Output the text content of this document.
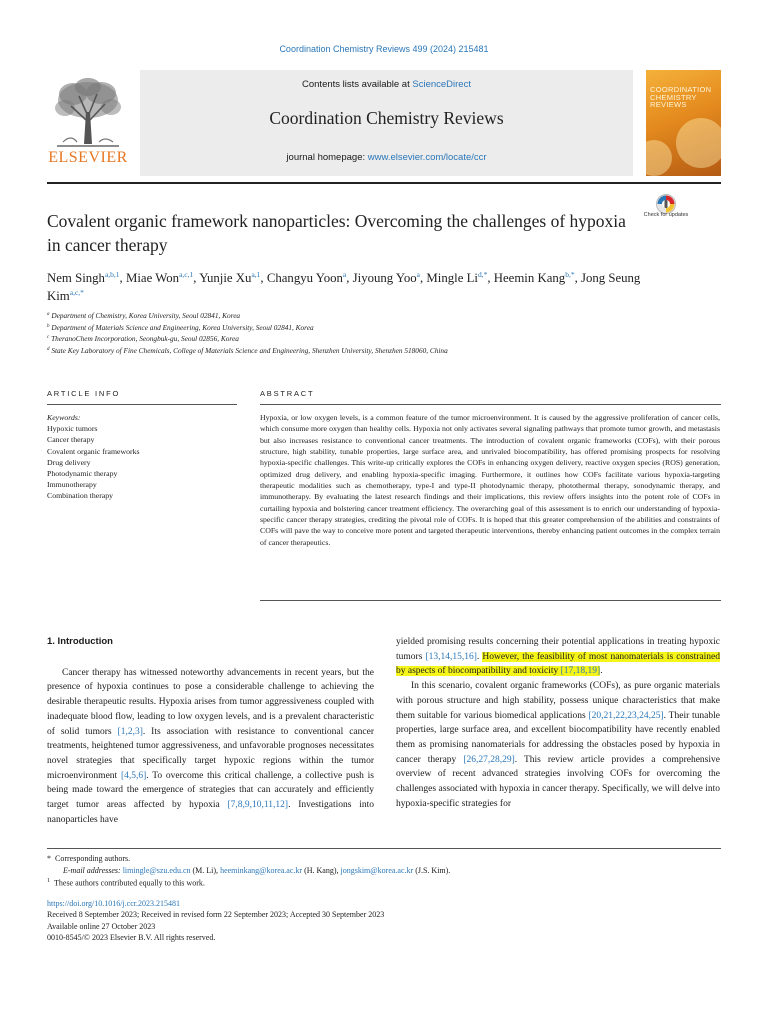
Coordination Chemistry Reviews 499 (2024) 215481
ELSEVIER
Contents lists available at ScienceDirect
Coordination Chemistry Reviews
journal homepage: www.elsevier.com/locate/ccr
COORDINATION CHEMISTRY REVIEWS
Check for updates
Covalent organic framework nanoparticles: Overcoming the challenges of hypoxia in cancer therapy
Nem Singh$^{a,b,1}$, Miae Won$^{a,c,1}$, Yunjie Xu$^{a,1}$, Changyu Yoon$^a$, Jiyoung Yoo$^a$, Mingle $Li^{d,*}$, Heemin Kang$^{b,*}$, Jong Seung Kim$^{a,c,*}$
$^a$ Department of Chemistry, Korea University, Seoul 02841, Korea
$^b$ Department of Materials Science and Engineering, Korea University, Seoul 02841, Korea
$^c$ TheranoChem Incorporation, Seongbuk-gu, Seoul 02856, Korea
$^d$ State Key Laboratory of Fine Chemicals, College of Materials Science and Engineering, Shenzhen University, Shenzhen 518060, China
ARTICLE INFO	ABSTRACT
Keywords:
Hypoxic tumors
Cancer therapy
Covalent organic frameworks
Drug delivery
Photodynamic therapy
Immunotherapy
Combination therapy
Hypoxia, or low oxygen levels, is a common feature of the tumor microenvironment. It is caused by the aggressive proliferation of cancer cells, which consume more oxygen than healthy cells. Hypoxia not only activates several signaling pathways that promote tumor growth, and metastasis but also increases resistance to conventional cancer treatments. The introduction of covalent organic frameworks (COFs), with their porous structure, high stability, tunable properties, large surface area, and unrivaled biocompatibility, has offered promising prospects for resolving hypoxia-specific challenges. This write-up critically explores the COFs in enhancing oxygen delivery, reactive oxygen species (ROS) generation, optimized drug delivery, and enabling hypoxia-specific imaging. Furthermore, it outlines how COFs facilitate various hypoxia-targeting therapeutic modalities such as chemotherapy, type-I and type-II photodynamic therapy, photothermal therapy, sonodynamic therapy, and immunotherapy. By evaluating the latest research findings and their implications, this review offers insights into the potent role of COFs in curtailing hypoxia and bolstering cancer treatment efficiency. The overarching goal of this assessment is to enrich our understanding of hypoxia-specific cancer therapy strategies, crediting the pivotal role of COFs. It is hoped that this greater comprehension of the abilities and constraints of COFs will pave the way to conceive more potent and targeted therapeutic interventions, thereby enhancing patient outcomes in the complex terrain of cancer therapeutics.
1. Introduction

Cancer therapy has witnessed noteworthy advancements in recent years, but the presence of hypoxia continues to pose a considerable challenge to achieving the desirable therapeutic results. Hypoxia arises from tumor aggressiveness coupled with inadequate blood flow, leading to low oxygen levels, and is a prevalent characteristic of solid tumors [1,2,3]. Its association with resistance to conventional cancer treatments, heightened tumor aggressiveness, and unfavorable prognoses necessitates novel strategies that specifically target hypoxic regions within the tumor microenvironment [4,5,6]. To overcome this critical challenge, a collective push is being made toward the emergence of strategies that can accurately and efficiently target tumor areas affected by hypoxia [7,8,9,10,11,12]. Investigations into nanoparticles have

yielded promising results concerning their potential applications in treating hypoxic tumors [13,14,15,16]. However, the feasibility of most nanomaterials is constrained by aspects of biocompatibility and toxicity [17,18,19].

In this scenario, covalent organic frameworks (COFs), as pure organic materials with porous structure and high stability, possess unique characteristics that make them suitable for various biomedical applications [20,21,22,23,24,25]. Their tunable properties, large surface area, and excellent biocompatibility have recently enabled them as promising nanomaterials for addressing the obstacles posed by hypoxia in cancer therapy [26,27,28,29]. This review article provides a comprehensive overview of recent advanced strategies involving COFs for overcoming the challenges associated with hypoxia in cancer therapy. Specifically, we will delve into hypoxia-specific strategies for

* Corresponding authors.
E-mail addresses: limingle@szu.edu.cn (M. Li), heeminkang@korea.ac.kr (H. Kang), jongskim@korea.ac.kr (J.S. Kim).
$^1$ These authors contributed equally to this work.
https://doi.org/10.1016/j.ccr.2023.215481
Received 8 September 2023; Received in revised form 22 September 2023; Accepted 30 September 2023
Available online 27 October 2023
0010-8545/© 2023 Elsevier B.V. All rights reserved.
